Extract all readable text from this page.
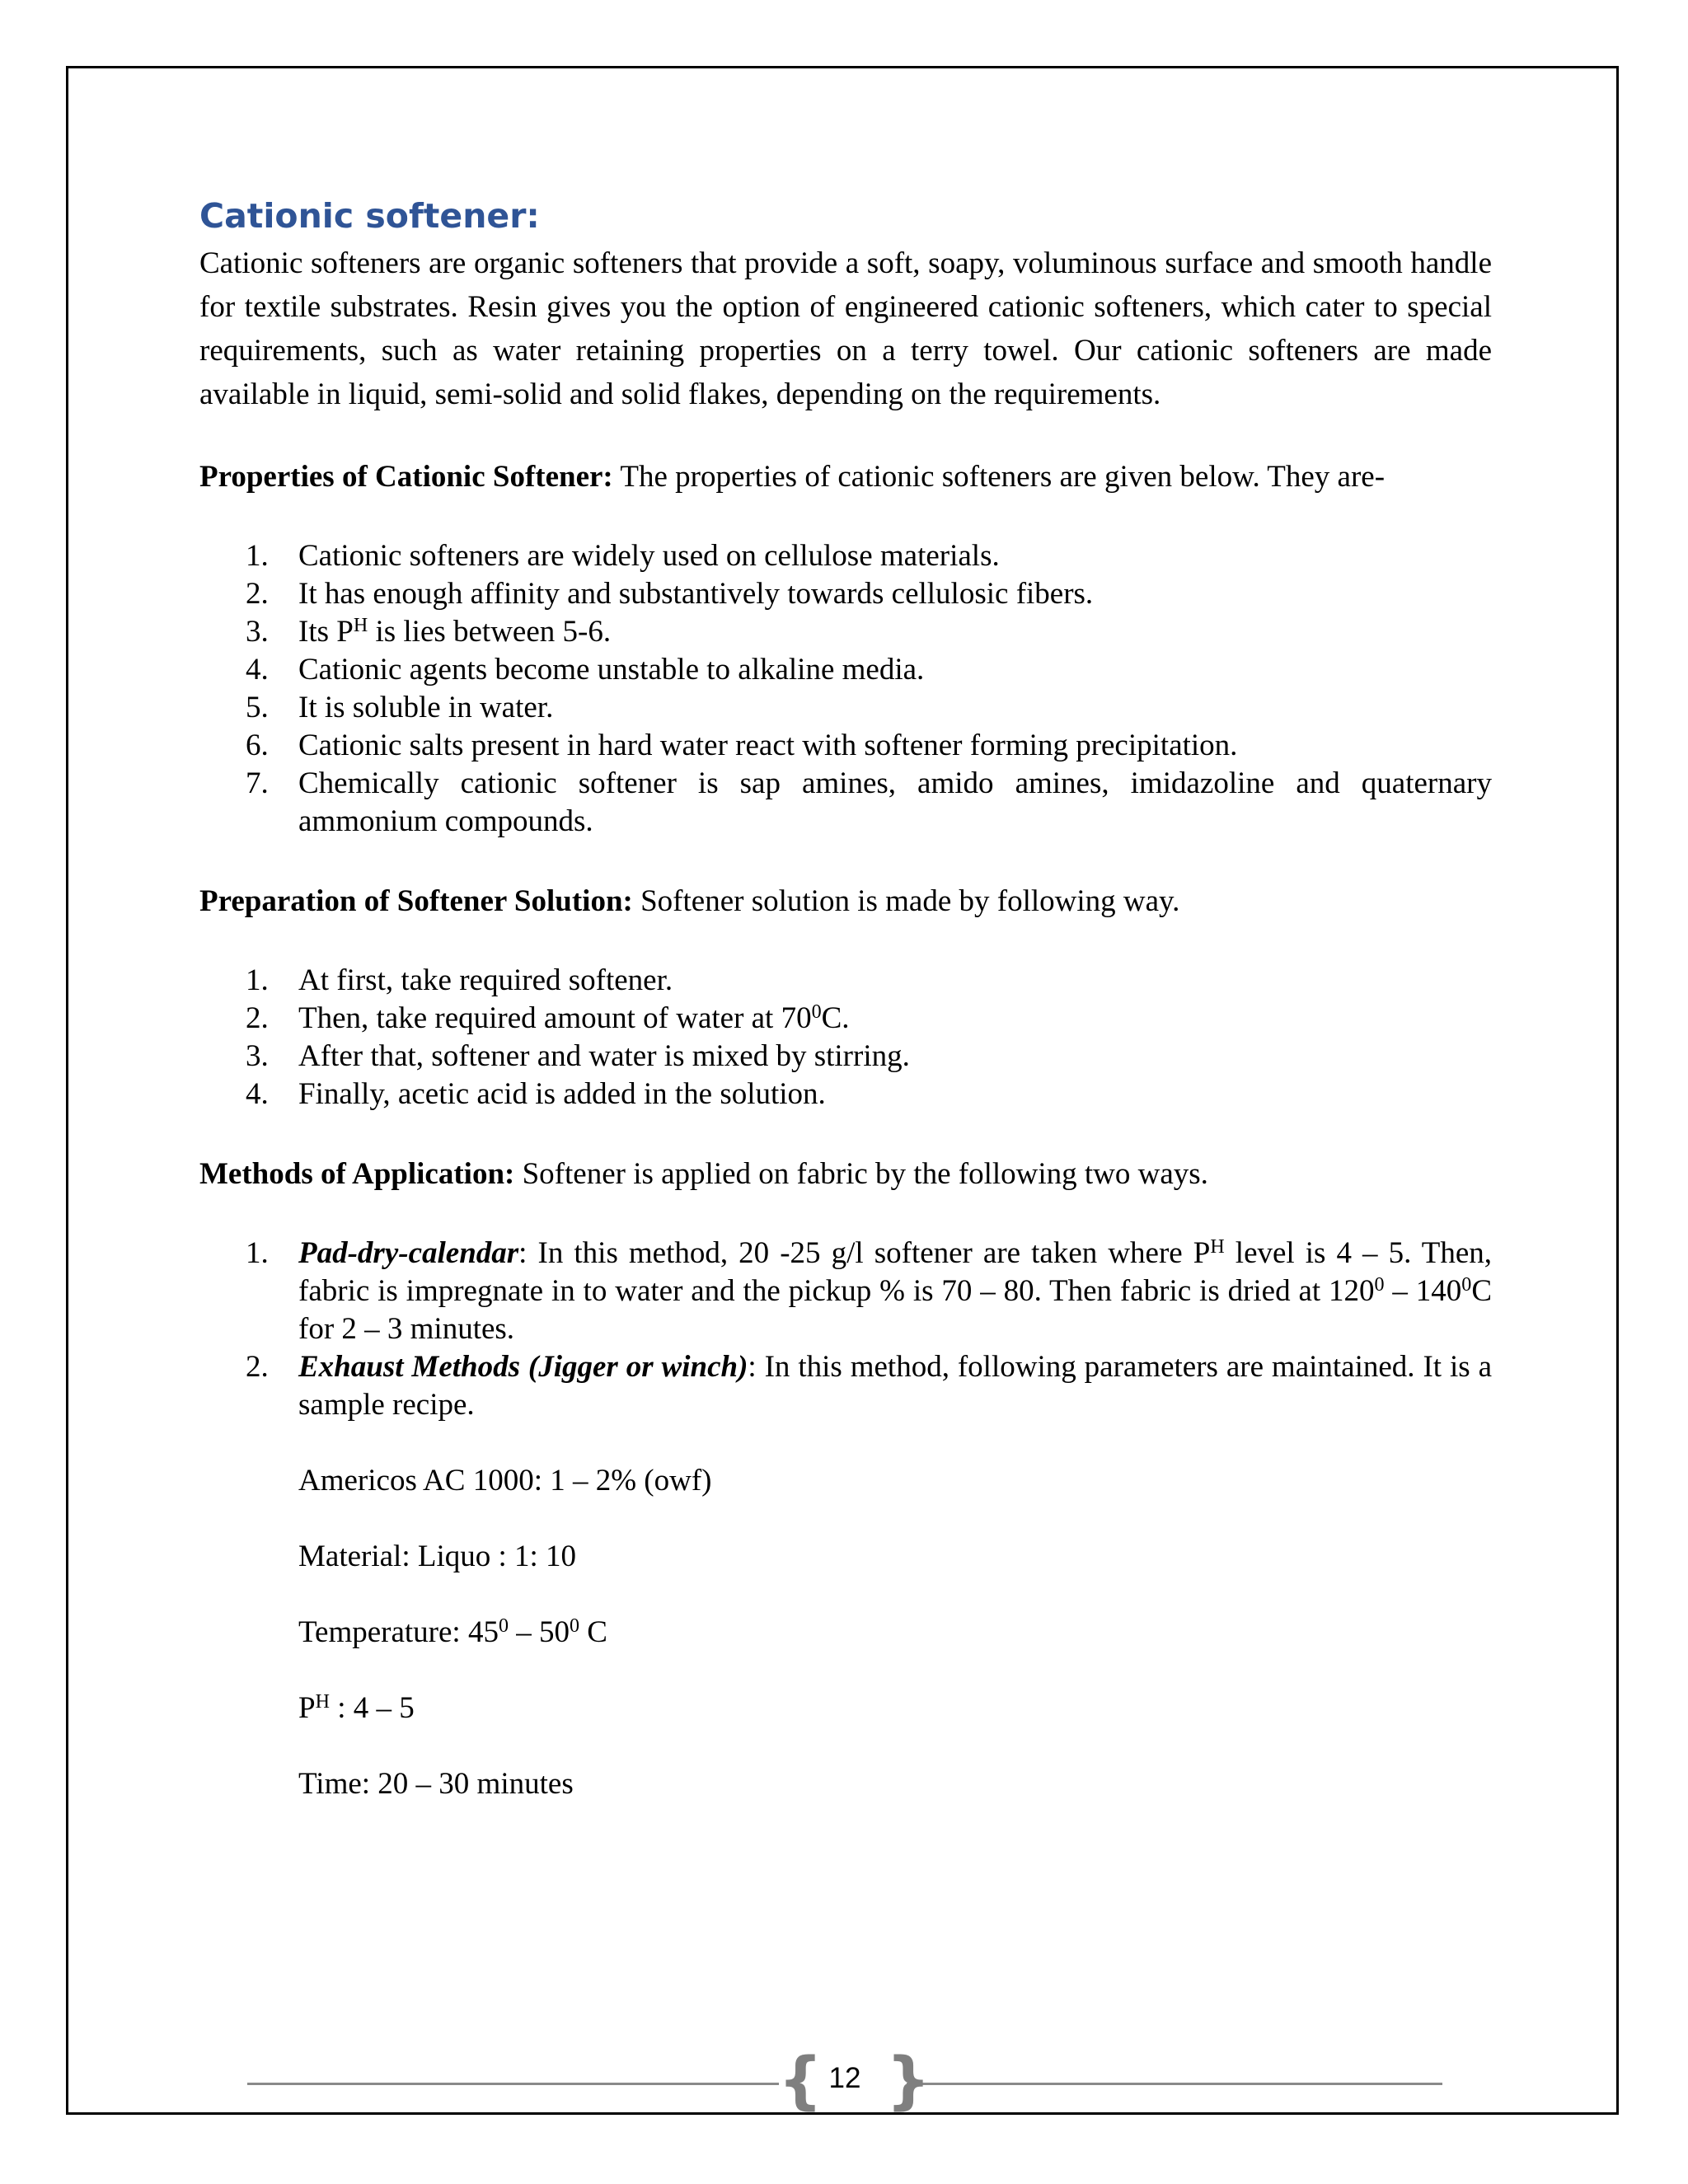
Cationic softener:

Cationic softeners are organic softeners that provide a soft, soapy, voluminous surface and smooth handle for textile substrates. Resin gives you the option of engineered cationic softeners, which cater to special requirements, such as water retaining properties on a terry towel. Our cationic softeners are made available in liquid, semi-solid and solid flakes, depending on the requirements.

Properties of Cationic Softener: The properties of cationic softeners are given below. They are-

1. Cationic softeners are widely used on cellulose materials.
2. It has enough affinity and substantively towards cellulosic fibers.
3. Its $P^H$ is lies between 5-6.
4. Cationic agents become unstable to alkaline media.
5. It is soluble in water.
6. Cationic salts present in hard water react with softener forming precipitation.
7. Chemically cationic softener is sap amines, amido amines, imidazoline and quaternary ammonium compounds.

Preparation of Softener Solution: Softener solution is made by following way.

1. At first, take required softener.
2. Then, take required amount of water at $70^0C$.
3. After that, softener and water is mixed by stirring.
4. Finally, acetic acid is added in the solution.

Methods of Application: Softener is applied on fabric by the following two ways.

1. Pad-dry-calendar: In this method, 20 -25 g/l softener are taken where $P^H$ level is 4 – 5. Then, fabric is impregnate in to water and the pickup % is 70 – 80. Then fabric is dried at $120^0 - 140^0C$ for 2 – 3 minutes.
2. Exhaust Methods (Jigger or winch): In this method, following parameters are maintained. It is a sample recipe.

Americos AC 1000: 1 – 2% (owf)

Material: Liquo : 1: 10

Temperature: $45^0 - 50^0$ C

$P^H$ : 4 – 5

Time: 20 – 30 minutes

{ 12 }
